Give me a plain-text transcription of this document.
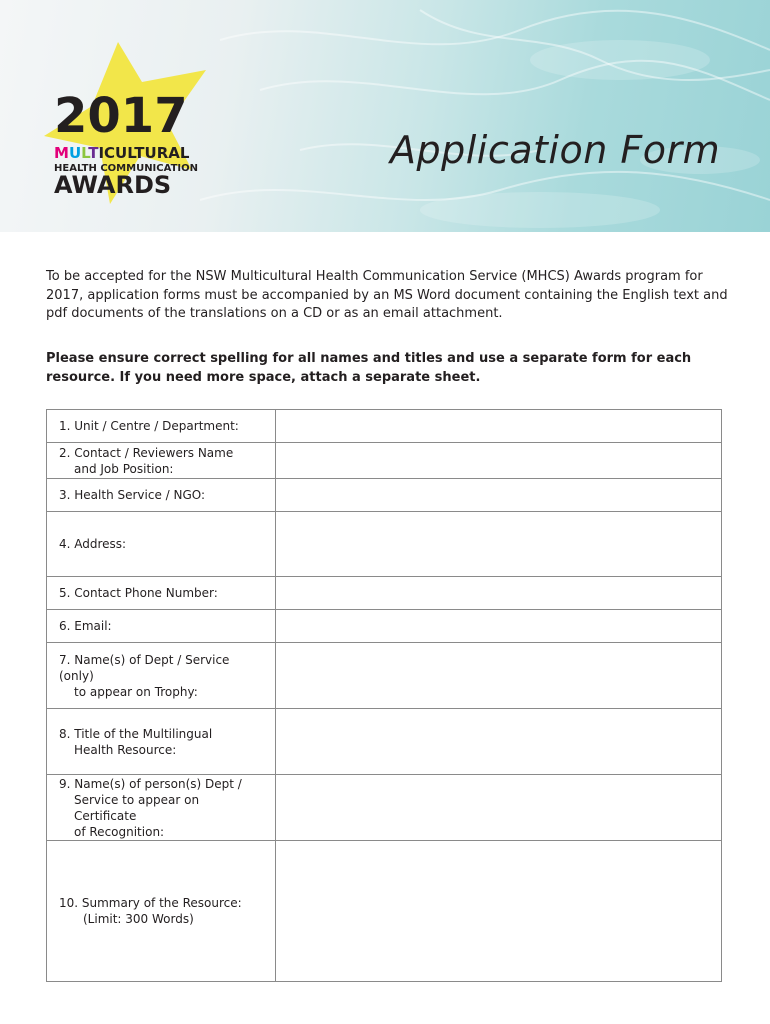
2017
MULTICULTURAL
HEALTH COMMUNICATION
AWARDS
Application Form
To be accepted for the NSW Multicultural Health Communication Service (MHCS) Awards program for 2017, application forms must be accompanied by an MS Word document containing the English text and pdf documents of the translations on a CD or as an email attachment.
Please ensure correct spelling for all names and titles and use a separate form for each resource. If you need more space, attach a separate sheet.
1. Unit / Centre / Department:	

2. Contact / Reviewers Name
and Job Position:	

3. Health Service / NGO:	

4. Address:	

5. Contact Phone Number:	

6. Email:	

7. Name(s) of Dept / Service (only)
to appear on Trophy:	

8. Title of the Multilingual
Health Resource:	

9. Name(s) of person(s) Dept /
Service to appear on Certificate
of Recognition:	

10. Summary of the Resource:
(Limit: 300 Words)	
